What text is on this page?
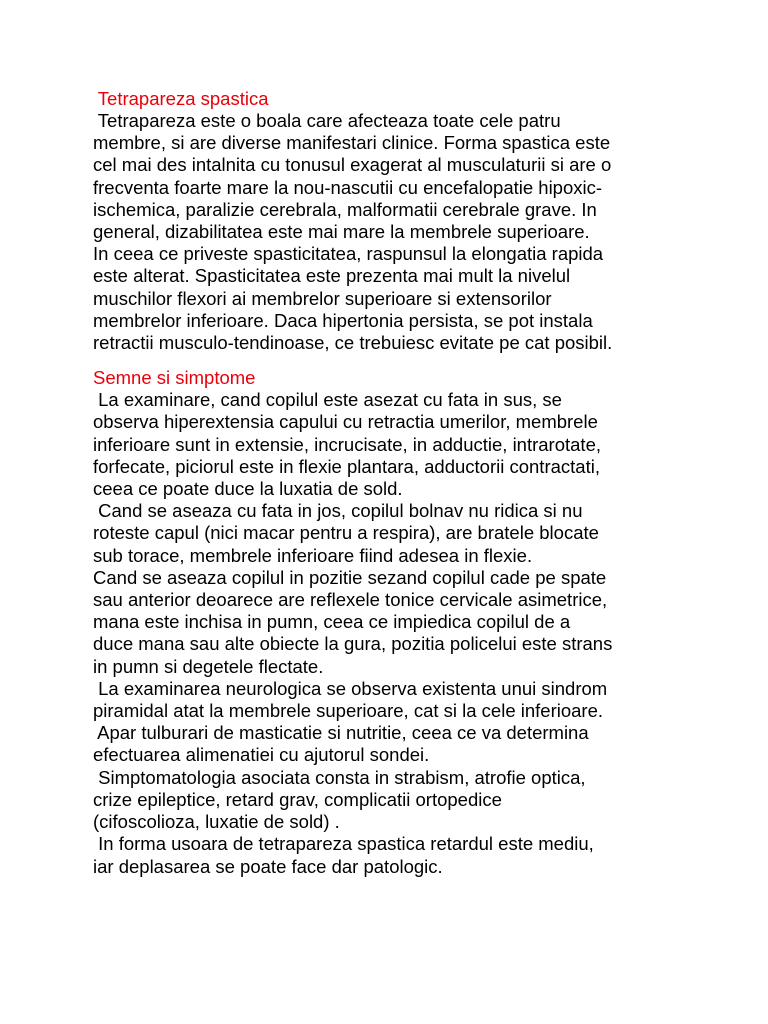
Tetrapareza spastica

Tetrapareza este o boala care afecteaza toate cele patru

membre, si are diverse manifestari clinice. Forma spastica este

cel mai des intalnita cu tonusul exagerat al musculaturii si are o

frecventa foarte mare la nou-nascutii cu encefalopatie hipoxic-

ischemica, paralizie cerebrala, malformatii cerebrale grave. In

general, dizabilitatea este mai mare la membrele superioare.

In ceea ce priveste spasticitatea, raspunsul la elongatia rapida

este alterat. Spasticitatea este prezenta mai mult la nivelul

muschilor flexori ai membrelor superioare si extensorilor

membrelor inferioare. Daca hipertonia persista, se pot instala

retractii musculo-tendinoase, ce trebuiesc evitate pe cat posibil.

Semne si simptome

La examinare, cand copilul este asezat cu fata in sus, se

observa hiperextensia capului cu retractia umerilor, membrele

inferioare sunt in extensie, incrucisate, in adductie, intrarotate,

forfecate, piciorul este in flexie plantara, adductorii contractati,

ceea ce poate duce la luxatia de sold.

Cand se aseaza cu fata in jos, copilul bolnav nu ridica si nu

roteste capul (nici macar pentru a respira), are bratele blocate

sub torace, membrele inferioare fiind adesea in flexie.

Cand se aseaza copilul in pozitie sezand copilul cade pe spate

sau anterior deoarece are reflexele tonice cervicale asimetrice,

mana este inchisa in pumn, ceea ce impiedica copilul de a

duce mana sau alte obiecte la gura, pozitia policelui este strans

in pumn si degetele flectate.

La examinarea neurologica se observa existenta unui sindrom

piramidal atat la membrele superioare, cat si la cele inferioare.

Apar tulburari de masticatie si nutritie, ceea ce va determina

efectuarea alimenatiei cu ajutorul sondei.

Simptomatologia asociata consta in strabism, atrofie optica,

crize epileptice, retard grav, complicatii ortopedice

(cifoscolioza, luxatie de sold) .

In forma usoara de tetrapareza spastica retardul este mediu,

iar deplasarea se poate face dar patologic.
